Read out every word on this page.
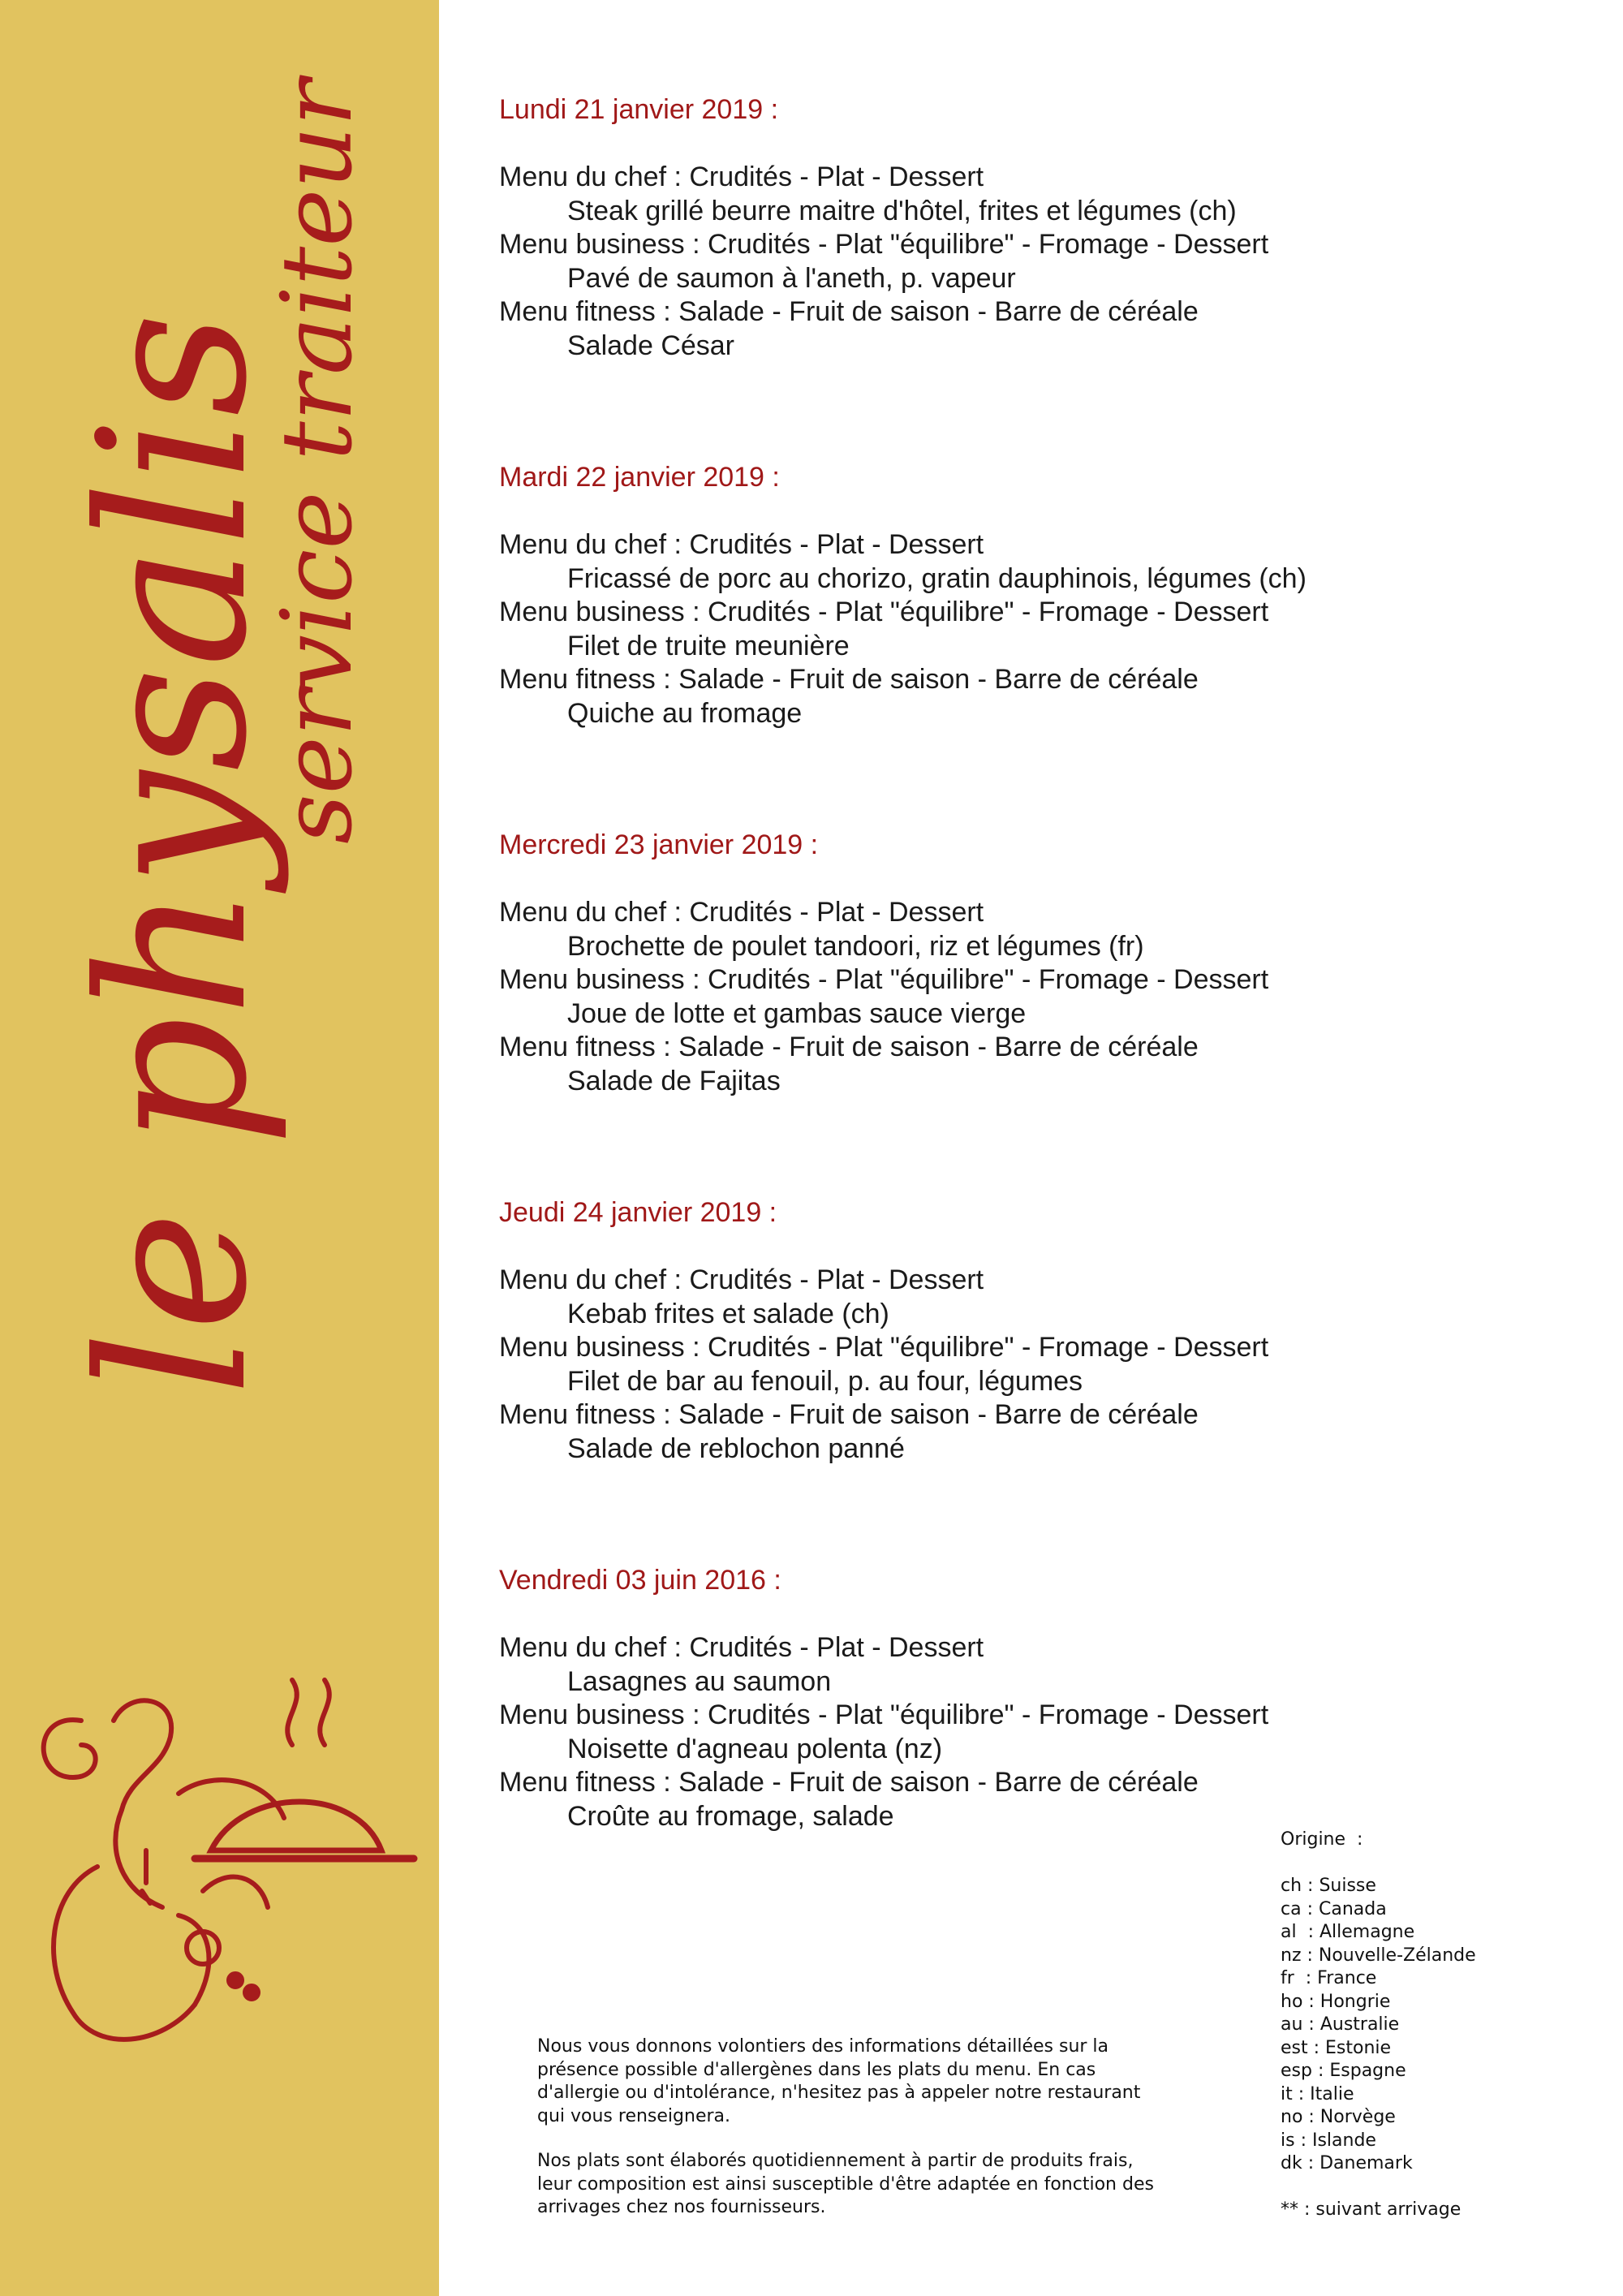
le physalis
service traiteur	Lundi 21 janvier 2019 :
Menu du chef : Crudités - Plat - Dessert
Steak grillé beurre maitre d'hôtel, frites et légumes (ch)
Menu business : Crudités - Plat "équilibre" - Fromage - Dessert
Pavé de saumon à l'aneth, p. vapeur
Menu fitness : Salade - Fruit de saison - Barre de céréale
Salade César
Mardi 22 janvier 2019 :
Menu du chef : Crudités - Plat - Dessert
Fricassé de porc au chorizo, gratin dauphinois, légumes (ch)
Menu business : Crudités - Plat "équilibre" - Fromage - Dessert
Filet de truite meunière
Menu fitness : Salade - Fruit de saison - Barre de céréale
Quiche au fromage
Mercredi 23 janvier 2019 :
Menu du chef : Crudités - Plat - Dessert
Brochette de poulet tandoori, riz et légumes (fr)
Menu business : Crudités - Plat "équilibre" - Fromage - Dessert
Joue de lotte et gambas sauce vierge
Menu fitness : Salade - Fruit de saison - Barre de céréale
Salade de Fajitas
Jeudi 24 janvier 2019 :
Menu du chef : Crudités - Plat - Dessert
Kebab frites et salade (ch)
Menu business : Crudités - Plat "équilibre" - Fromage - Dessert
Filet de bar au fenouil, p. au four, légumes
Menu fitness : Salade - Fruit de saison - Barre de céréale
Salade de reblochon panné
Vendredi 03 juin 2016 :
Menu du chef : Crudités - Plat - Dessert
Lasagnes au saumon
Menu business : Crudités - Plat "équilibre" - Fromage - Dessert
Noisette d'agneau polenta (nz)
Menu fitness : Salade - Fruit de saison - Barre de céréale
Croûte au fromage, salade

Nous vous donnons volontiers des informations détaillées sur la présence possible d'allergènes dans les plats du menu. En cas d'allergie ou d'intolérance, n'hesitez pas à appeler notre restaurant qui vous renseignera.

Nos plats sont élaborés quotidiennement à partir de produits frais, leur composition est ainsi susceptible d'être adaptée en fonction des arrivages chez nos fournisseurs.

Origine  :
ch : Suisse
ca : Canada
al  : Allemagne
nz : Nouvelle-Zélande
fr  : France
ho : Hongrie
au : Australie
est : Estonie
esp : Espagne
it : Italie
no : Norvège
is : Islande
dk : Danemark
** : suivant arrivage
